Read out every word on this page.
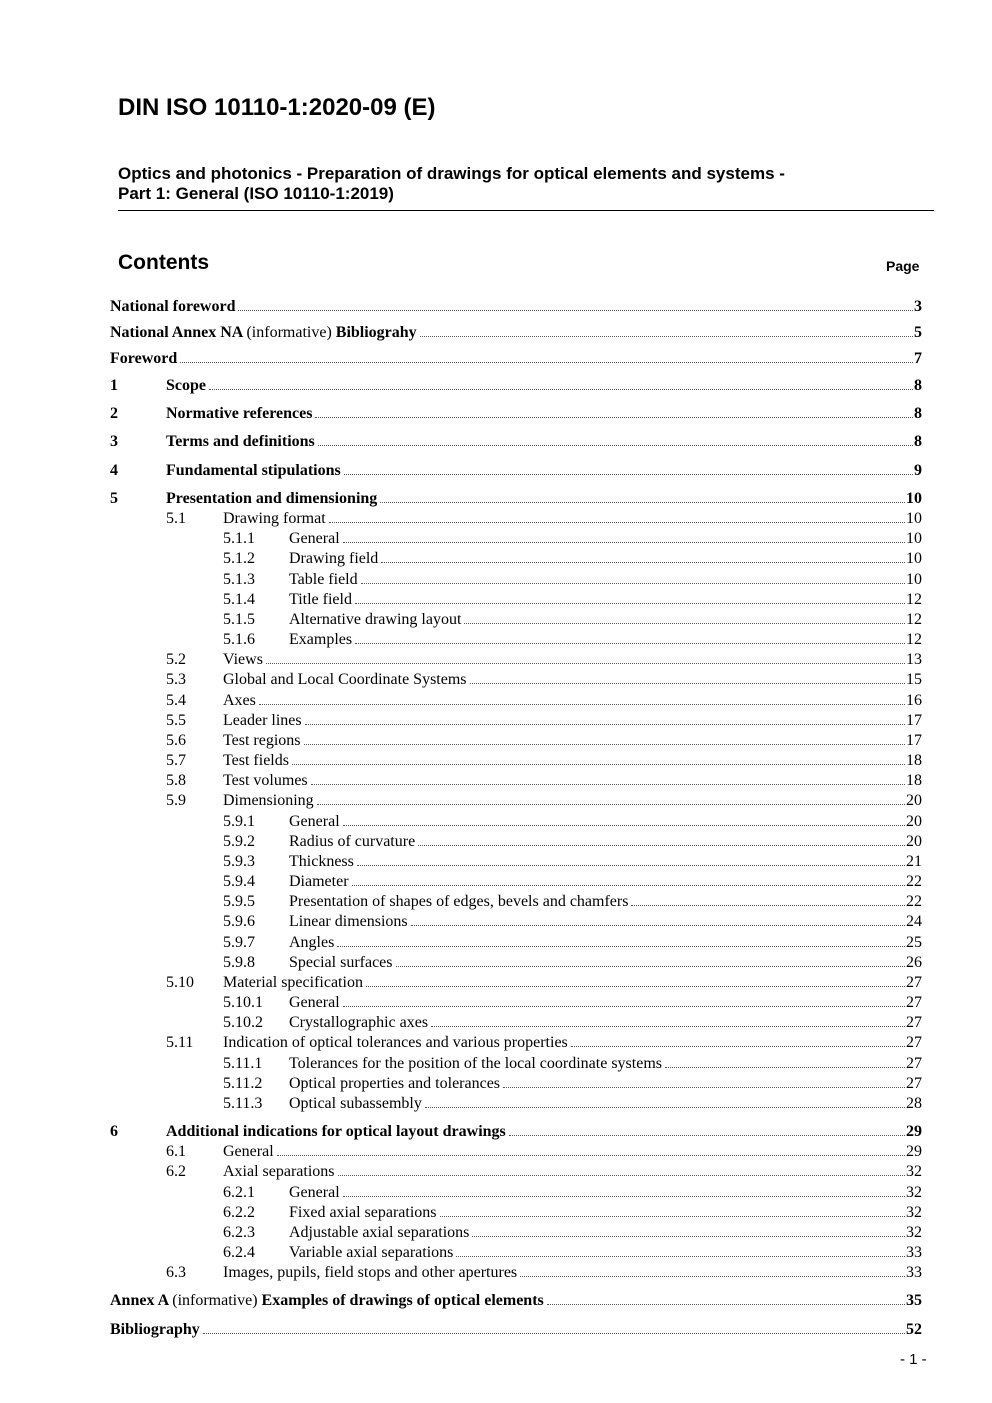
DIN ISO 10110-1:2020-09 (E)
Optics and photonics - Preparation of drawings for optical elements and systems -
Part 1: General (ISO 10110-1:2019)
Contents	Page
National foreword	3
National Annex NA (informative) Bibliograhy	5
Foreword	7
1	Scope	8
2	Normative references	8
3	Terms and definitions	8
4	Fundamental stipulations	9
5	Presentation and dimensioning	10
5.1	Drawing format	10
5.1.1	General	10
5.1.2	Drawing field	10
5.1.3	Table field	10
5.1.4	Title field	12
5.1.5	Alternative drawing layout	12
5.1.6	Examples	12
5.2	Views	13
5.3	Global and Local Coordinate Systems	15
5.4	Axes	16
5.5	Leader lines	17
5.6	Test regions	17
5.7	Test fields	18
5.8	Test volumes	18
5.9	Dimensioning	20
5.9.1	General	20
5.9.2	Radius of curvature	20
5.9.3	Thickness	21
5.9.4	Diameter	22
5.9.5	Presentation of shapes of edges, bevels and chamfers	22
5.9.6	Linear dimensions	24
5.9.7	Angles	25
5.9.8	Special surfaces	26
5.10	Material specification	27
5.10.1	General	27
5.10.2	Crystallographic axes	27
5.11	Indication of optical tolerances and various properties	27
5.11.1	Tolerances for the position of the local coordinate systems	27
5.11.2	Optical properties and tolerances	27
5.11.3	Optical subassembly	28
6	Additional indications for optical layout drawings	29
6.1	General	29
6.2	Axial separations	32
6.2.1	General	32
6.2.2	Fixed axial separations	32
6.2.3	Adjustable axial separations	32
6.2.4	Variable axial separations	33
6.3	Images, pupils, field stops and other apertures	33
Annex A (informative) Examples of drawings of optical elements	35
Bibliography	52
- 1 -
